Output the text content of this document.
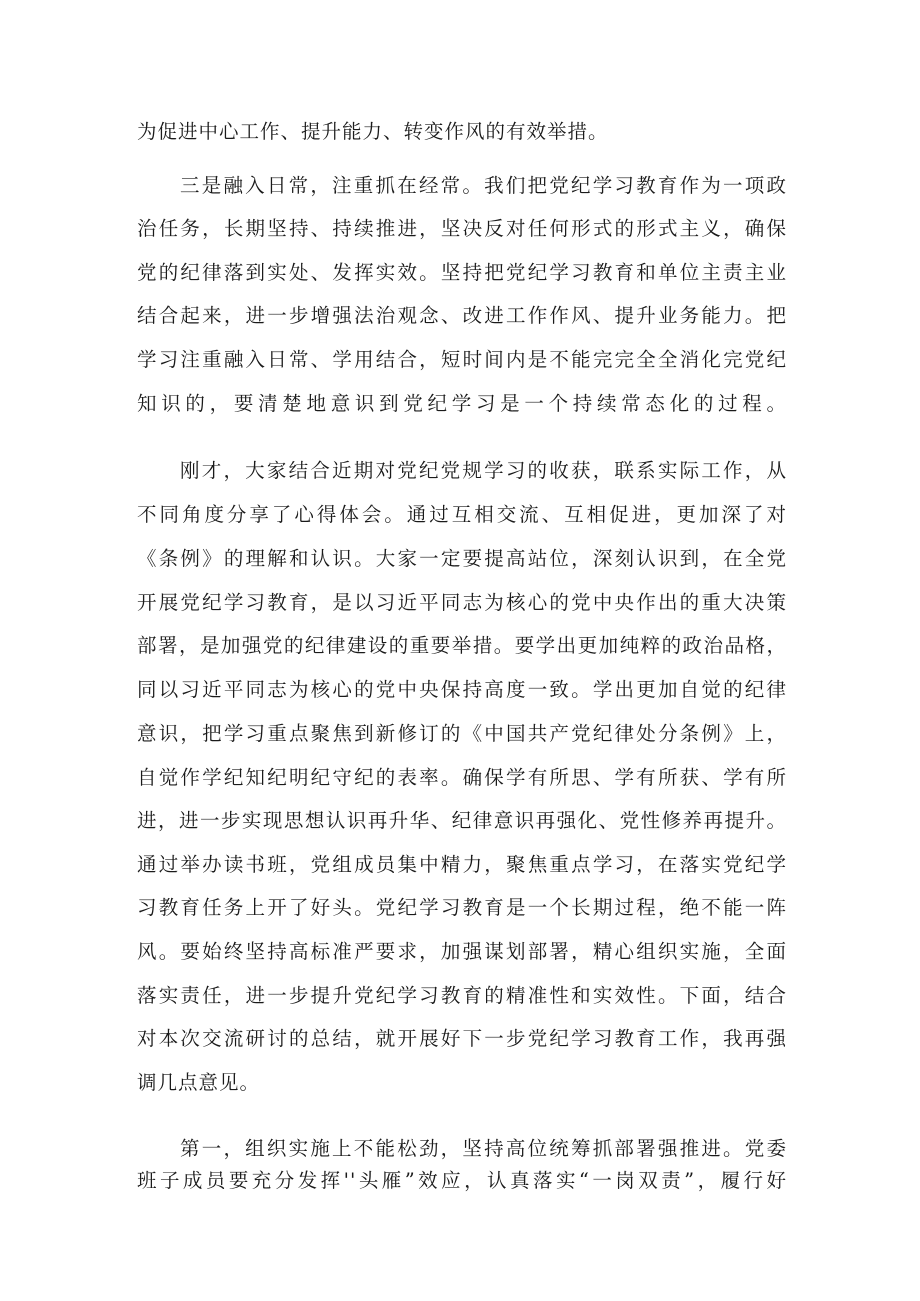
为促进中心工作、提升能力、转变作风的有效举措。
三是融入日常，注重抓在经常。我们把党纪学习教育作为一项政
治任务，长期坚持、持续推进，坚决反对任何形式的形式主义，确保
党的纪律落到实处、发挥实效。坚持把党纪学习教育和单位主责主业
结合起来，进一步增强法治观念、改进工作作风、提升业务能力。把
学习注重融入日常、学用结合，短时间内是不能完完全全消化完党纪
知识的，要清楚地意识到党纪学习是一个持续常态化的过程。
刚才，大家结合近期对党纪党规学习的收获，联系实际工作，从
不同角度分享了心得体会。通过互相交流、互相促进，更加深了对
《条例》的理解和认识。大家一定要提高站位，深刻认识到，在全党
开展党纪学习教育，是以习近平同志为核心的党中央作出的重大决策
部署，是加强党的纪律建设的重要举措。要学出更加纯粹的政治品格，
同以习近平同志为核心的党中央保持高度一致。学出更加自觉的纪律
意识，把学习重点聚焦到新修订的《中国共产党纪律处分条例》上，
自觉作学纪知纪明纪守纪的表率。确保学有所思、学有所获、学有所
进，进一步实现思想认识再升华、纪律意识再强化、党性修养再提升。
通过举办读书班，党组成员集中精力，聚焦重点学习，在落实党纪学
习教育任务上开了好头。党纪学习教育是一个长期过程，绝不能一阵
风。要始终坚持高标准严要求，加强谋划部署，精心组织实施，全面
落实责任，进一步提升党纪学习教育的精准性和实效性。下面，结合
对本次交流研讨的总结，就开展好下一步党纪学习教育工作，我再强
调几点意见。
第一，组织实施上不能松劲，坚持高位统筹抓部署强推进。党委
班子成员要充分发挥''头雁”效应，认真落实“一岗双责”，履行好
